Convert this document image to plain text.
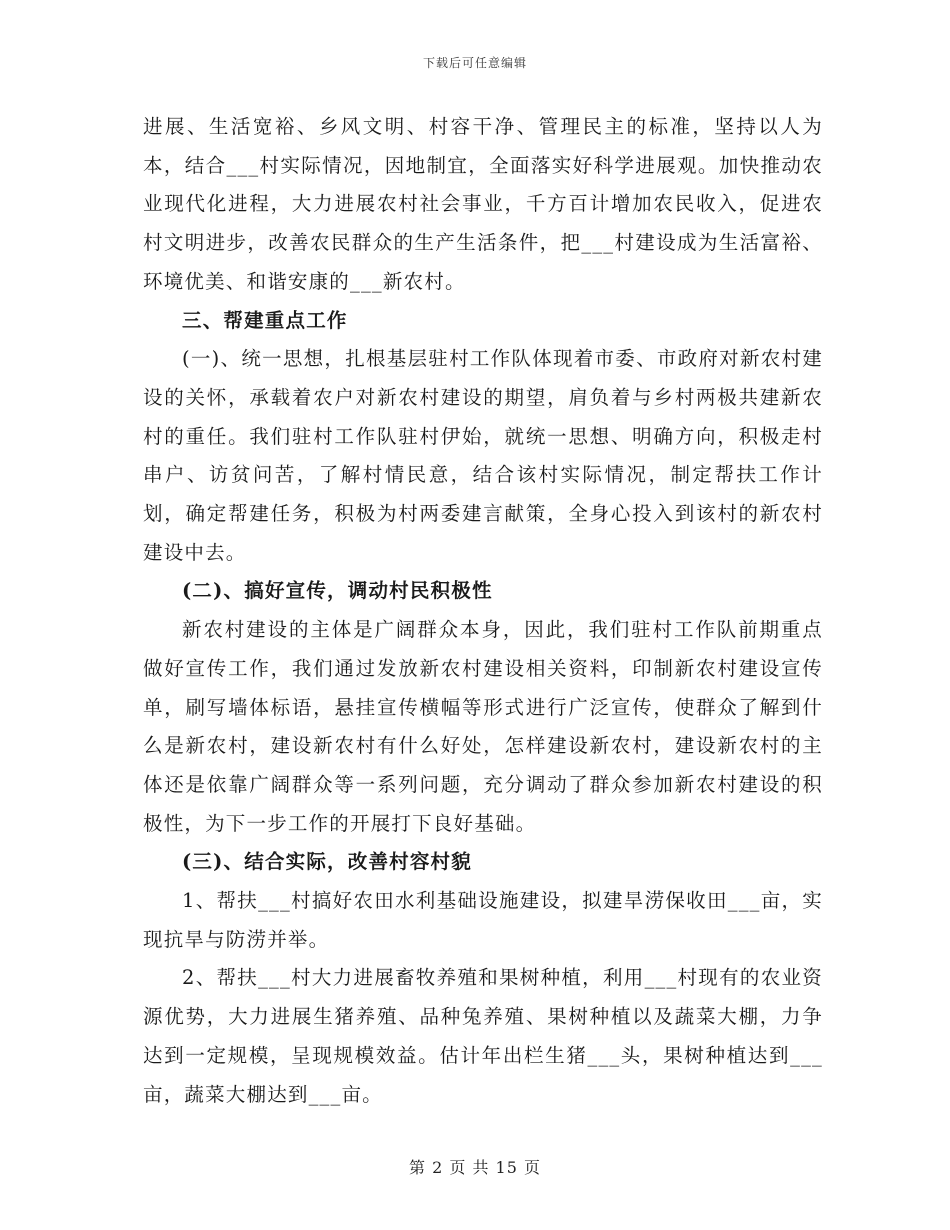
下载后可任意编辑

进展、生活宽裕、乡风文明、村容干净、管理民主的标准，坚持以人为本，结合___村实际情况，因地制宜，全面落实好科学进展观。加快推动农业现代化进程，大力进展农村社会事业，千方百计增加农民收入，促进农村文明进步，改善农民群众的生产生活条件，把___村建设成为生活富裕、环境优美、和谐安康的___新农村。

三、帮建重点工作

(一)、统一思想，扎根基层驻村工作队体现着市委、市政府对新农村建设的关怀，承载着农户对新农村建设的期望，肩负着与乡村两极共建新农村的重任。我们驻村工作队驻村伊始，就统一思想、明确方向，积极走村串户、访贫问苦，了解村情民意，结合该村实际情况，制定帮扶工作计划，确定帮建任务，积极为村两委建言献策，全身心投入到该村的新农村建设中去。

(二)、搞好宣传，调动村民积极性

新农村建设的主体是广阔群众本身，因此，我们驻村工作队前期重点做好宣传工作，我们通过发放新农村建设相关资料，印制新农村建设宣传单，刷写墙体标语，悬挂宣传横幅等形式进行广泛宣传，使群众了解到什么是新农村，建设新农村有什么好处，怎样建设新农村，建设新农村的主体还是依靠广阔群众等一系列问题，充分调动了群众参加新农村建设的积极性，为下一步工作的开展打下良好基础。

(三)、结合实际，改善村容村貌

1、帮扶___村搞好农田水利基础设施建设，拟建旱涝保收田___亩，实现抗旱与防涝并举。

2、帮扶___村大力进展畜牧养殖和果树种植，利用___村现有的农业资源优势，大力进展生猪养殖、品种兔养殖、果树种植以及蔬菜大棚，力争达到一定规模，呈现规模效益。估计年出栏生猪___头，果树种植达到___亩，蔬菜大棚达到___亩。

第 2 页 共 15 页
